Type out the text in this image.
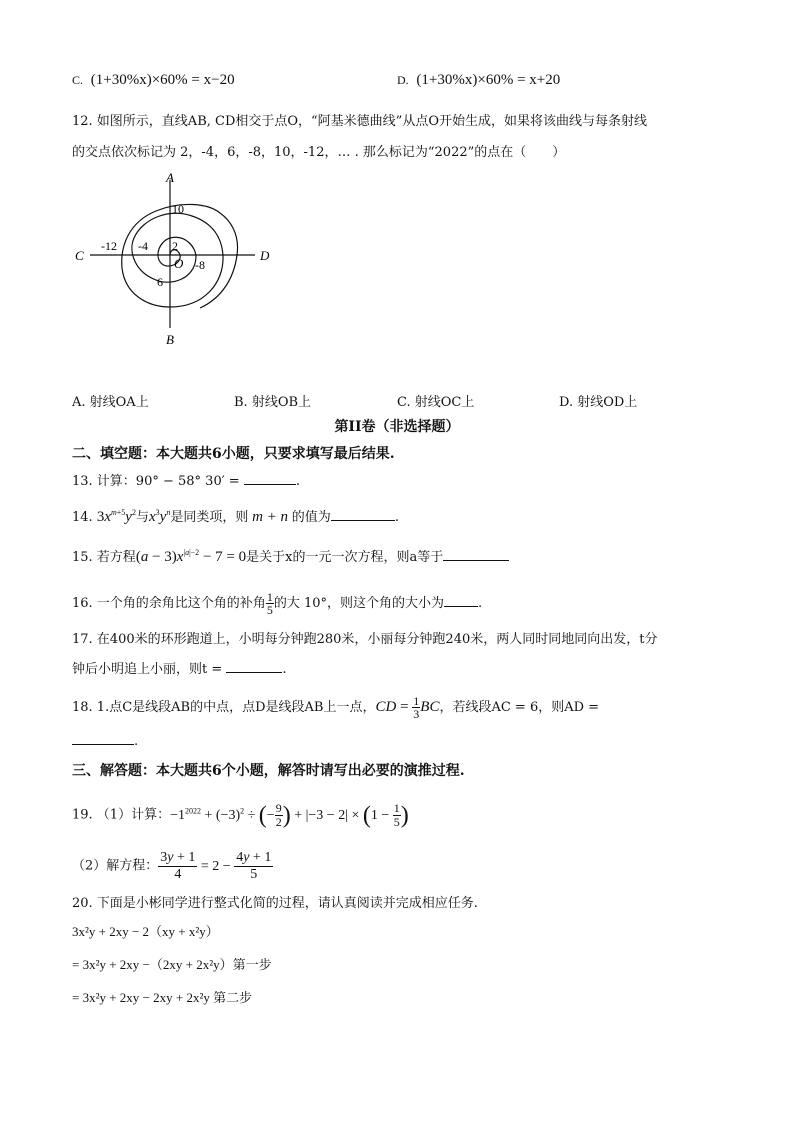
C. (1+30%x)×60% = x−20	D. (1+30%x)×60% = x+20
12. 如图所示，直线AB, CD相交于点O，“阿基米德曲线”从点O开始生成，如果将该曲线与每条射线
的交点依次标记为 2，-4，6，-8，10，-12，… . 那么标记为“2022”的点在（　　）
A
B
C	D
O
2
-4
6
-8
10
-12
A. 射线OA上	B. 射线OB上	C. 射线OC上	D. 射线OD上
第II卷（非选择题）
二、填空题：本大题共6小题，只要求填写最后结果.
13. 计算：90° − 58° 30′ =	.
14. $3x^{m+5}y^2$与$x^3y^n$是同类项，则 m + n 的值为	.
15. 若方程$(a - 3)x^{|a|-2} - 7 = 0$是关于x的一元一次方程，则a等于
16. 一个角的余角比这个角的补角 $\frac{1}{5}$ 的大 10°，则这个角的大小为	.
17. 在400米的环形跑道上，小明每分钟跑280米，小丽每分钟跑240米，两人同时同地同向出发，t分
钟后小明追上小丽，则t =	.
18. 1.点C是线段AB的中点，点D是线段AB上一点，CD = $\frac{1}{3}$ BC，若线段AC = 6，则AD =
.
三、解答题：本大题共6个小题，解答时请写出必要的演推过程.
19. （1）计算：$-1^{2022} + (-3)^2$ ÷ (− $\frac{9}{2}$ ) + $|-3 - 2| \times (1 - \frac{1}{5}$ )
（2）解方程： $\frac{3y + 1}{4} = 2 - \frac{4y + 1}{5}$
20. 下面是小彬同学进行整式化简的过程，请认真阅读并完成相应任务.
3x²y + 2xy − 2（xy + x²y）
= 3x²y + 2xy −（2xy + 2x²y）第一步
= 3x²y + 2xy − 2xy + 2x²y 第二步
